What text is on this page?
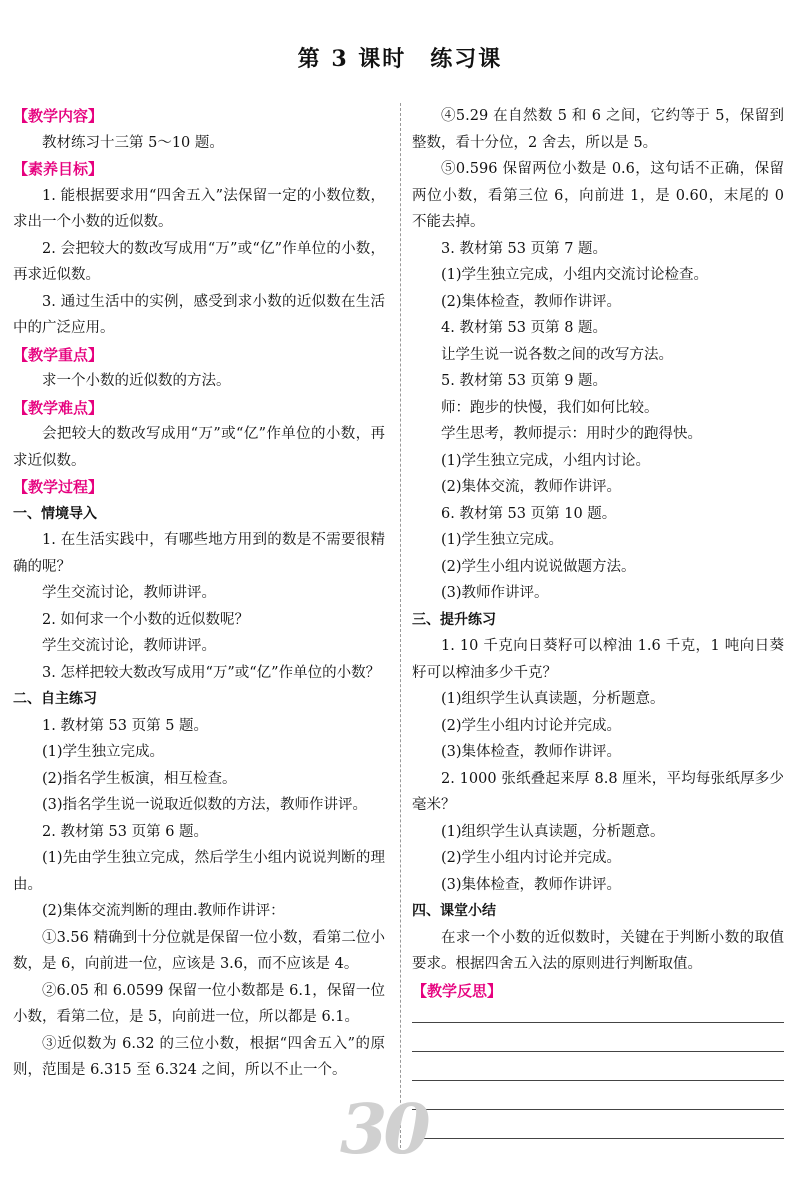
第 3 课时　练习课
【教学内容】
教材练习十三第 5～10 题。
【素养目标】
1. 能根据要求用“四舍五入”法保留一定的小数位数，求出一个小数的近似数。
2. 会把较大的数改写成用“万”或“亿”作单位的小数，再求近似数。
3. 通过生活中的实例，感受到求小数的近似数在生活中的广泛应用。
【教学重点】
求一个小数的近似数的方法。
【教学难点】
会把较大的数改写成用“万”或“亿”作单位的小数，再求近似数。
【教学过程】
一、情境导入
1. 在生活实践中，有哪些地方用到的数是不需要很精确的呢？
学生交流讨论，教师讲评。
2. 如何求一个小数的近似数呢？
学生交流讨论，教师讲评。
3. 怎样把较大数改写成用“万”或“亿”作单位的小数？
二、自主练习
1. 教材第 53 页第 5 题。
(1)学生独立完成。
(2)指名学生板演，相互检查。
(3)指名学生说一说取近似数的方法，教师作讲评。
2. 教材第 53 页第 6 题。
(1)先由学生独立完成，然后学生小组内说说判断的理由。
(2)集体交流判断的理由.教师作讲评：
①3.56 精确到十分位就是保留一位小数，看第二位小数，是 6，向前进一位，应该是 3.6，而不应该是 4。
②6.05 和 6.0599 保留一位小数都是 6.1，保留一位小数，看第二位，是 5，向前进一位，所以都是 6.1。
③近似数为 6.32 的三位小数，根据“四舍五入”的原则，范围是 6.315 至 6.324 之间，所以不止一个。
④5.29 在自然数 5 和 6 之间，它约等于 5，保留到整数，看十分位，2 舍去，所以是 5。
⑤0.596 保留两位小数是 0.6，这句话不正确，保留两位小数，看第三位 6，向前进 1，是 0.60，末尾的 0 不能去掉。
3. 教材第 53 页第 7 题。
(1)学生独立完成，小组内交流讨论检查。
(2)集体检查，教师作讲评。
4. 教材第 53 页第 8 题。
让学生说一说各数之间的改写方法。
5. 教材第 53 页第 9 题。
师：跑步的快慢，我们如何比较。
学生思考，教师提示：用时少的跑得快。
(1)学生独立完成，小组内讨论。
(2)集体交流，教师作讲评。
6. 教材第 53 页第 10 题。
(1)学生独立完成。
(2)学生小组内说说做题方法。
(3)教师作讲评。
三、提升练习
1. 10 千克向日葵籽可以榨油 1.6 千克，1 吨向日葵籽可以榨油多少千克？
(1)组织学生认真读题，分析题意。
(2)学生小组内讨论并完成。
(3)集体检查，教师作讲评。
2. 1000 张纸叠起来厚 8.8 厘米，平均每张纸厚多少毫米？
(1)组织学生认真读题，分析题意。
(2)学生小组内讨论并完成。
(3)集体检查，教师作讲评。
四、课堂小结
在求一个小数的近似数时，关键在于判断小数的取值要求。根据四舍五入法的原则进行判断取值。
【教学反思】
30
